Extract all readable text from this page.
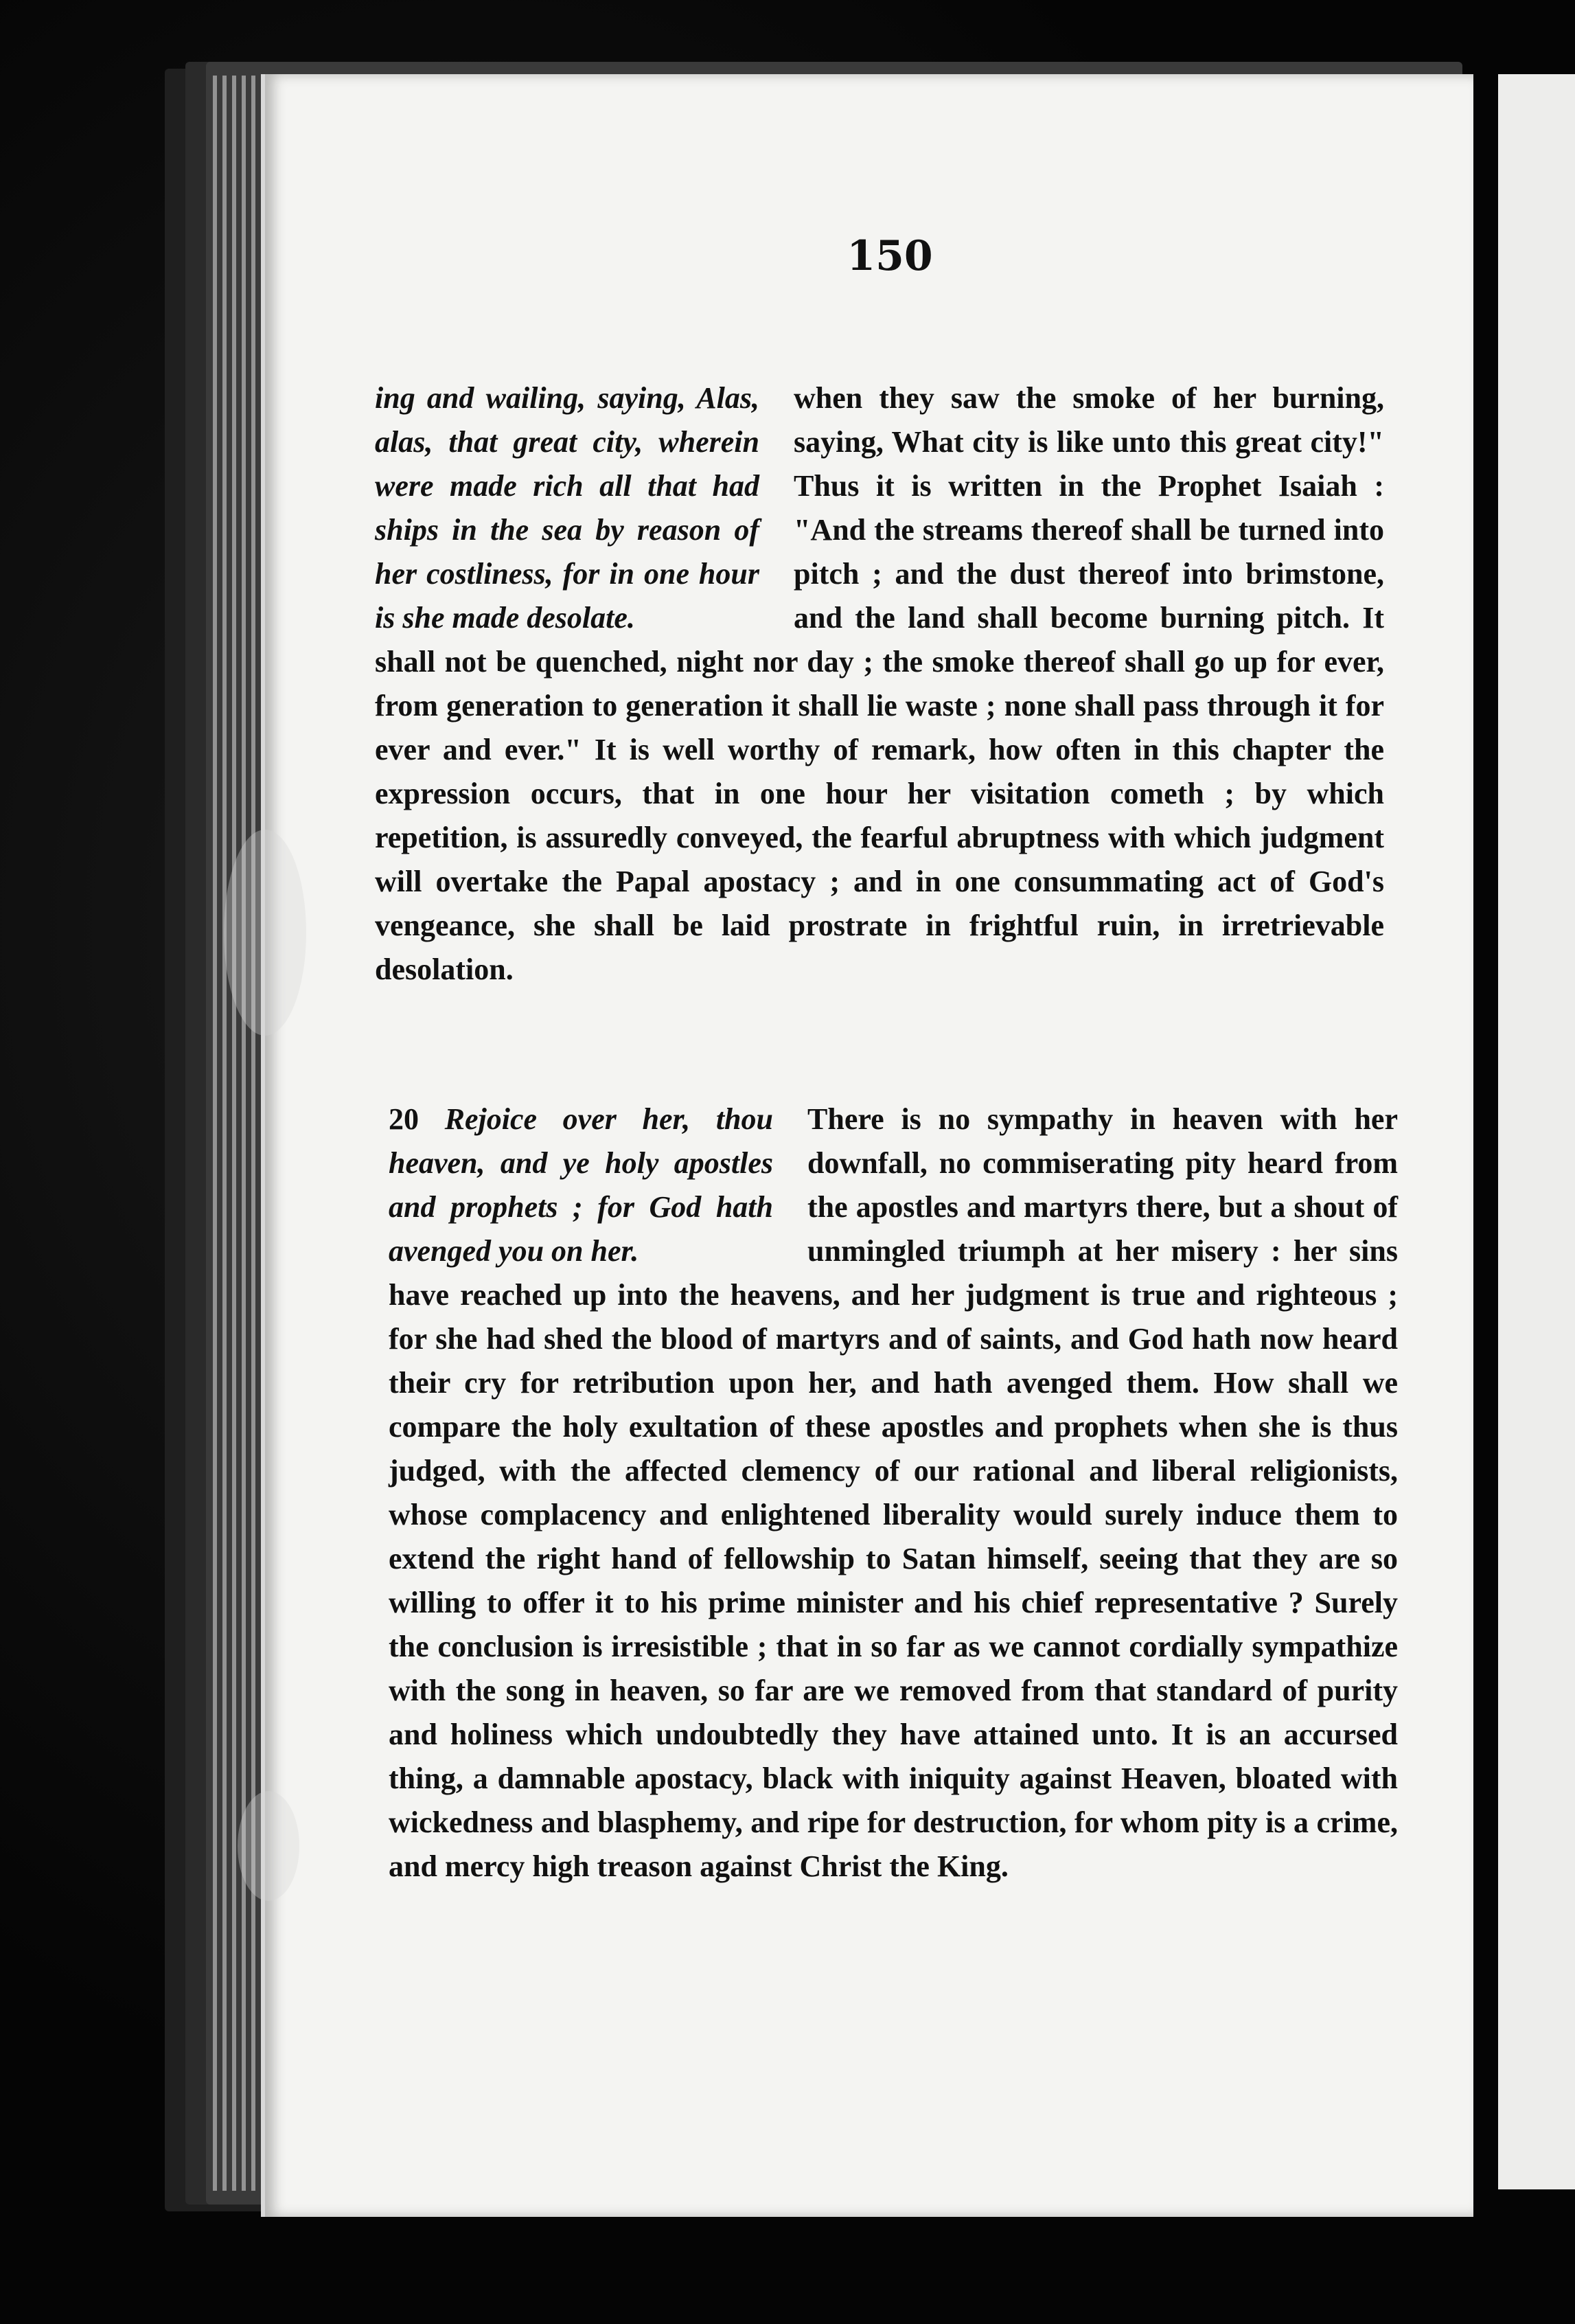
150
ing and wailing, saying, Alas, alas, that great city, wherein were made rich all that had ships in the sea by reason of her costliness, for in one hour is she made desolate.
when they saw the smoke of her burning, saying, What city is like unto this great city!" Thus it is written in the Prophet Isaiah : "And the streams thereof shall be turned into pitch ; and the dust thereof into brimstone, and the land shall become burning pitch. It shall not be quenched, night nor day ; the smoke thereof shall go up for ever, from generation to generation it shall lie waste ; none shall pass through it for ever and ever." It is well worthy of remark, how often in this chapter the expression occurs, that in one hour her visitation cometh ; by which repetition, is assuredly conveyed, the fearful abruptness with which judgment will overtake the Papal apostacy ; and in one consummating act of God's vengeance, she shall be laid prostrate in frightful ruin, in irretrievable desolation.
20 Rejoice over her, thou heaven, and ye holy apostles and prophets ; for God hath avenged you on her.
There is no sympathy in heaven with her downfall, no commiserating pity heard from the apostles and martyrs there, but a shout of unmingled triumph at her misery : her sins have reached up into the heavens, and her judgment is true and righteous ; for she had shed the blood of martyrs and of saints, and God hath now heard their cry for retribution upon her, and hath avenged them. How shall we compare the holy exultation of these apostles and prophets when she is thus judged, with the affected clemency of our rational and liberal religionists, whose complacency and enlightened liberality would surely induce them to extend the right hand of fellowship to Satan himself, seeing that they are so willing to offer it to his prime minister and his chief representative ? Surely the conclusion is irresistible ; that in so far as we cannot cordially sympathize with the song in heaven, so far are we removed from that standard of purity and holiness which undoubtedly they have attained unto. It is an accursed thing, a damnable apostacy, black with iniquity against Heaven, bloated with wickedness and blasphemy, and ripe for destruction, for whom pity is a crime, and mercy high treason against Christ the King.
